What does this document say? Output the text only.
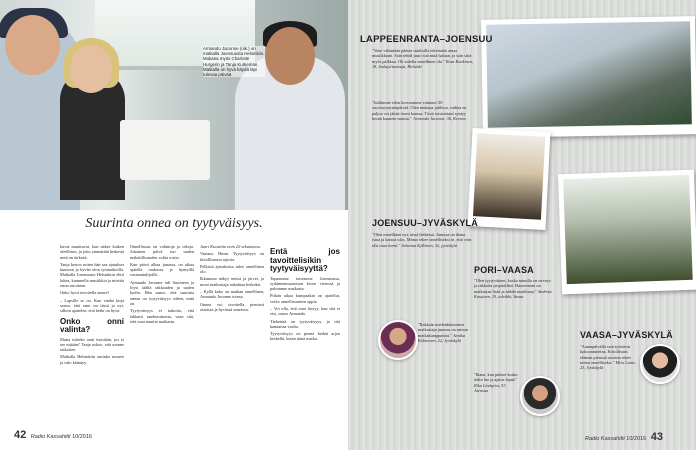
Armando Jaconne (oik.) on matkalla Joensuusta Helsinkiin. Mukana myös Charlotte Hurgerin ja Tanja Kurkeman. Matkalla on hyvä käydä läpi tulevaa päivää.
Suurinta onnea on tyytyväisyys.

kuvat muuttuvat, kun näkee kaiken oleellisen, ja joku ymmärtää hetkestä mitä on tärkeää.

Tanja kertoo miten hän saa ajatukset kuntoon ja hyvän olon työmatkoilla. Matkalla Joensuusta Helsinkiin ehtii lukea, kuunnella musiikkia ja miettiä omia asioitaan.

Onko hyvä tavoitella onnea?

– Lapsille se on. Kun vanha kirja sanoo, että onni on tässä ja nyt, silloin ajattelen, että hetki on hyvä.

Onko onni valinta?

Mutta tuleeko onni itsestään, jos ei tee mitään? Tanja uskoo, että asenne ratkaisee.

Matkalla Helsinkiin aurinko nousee ja valo kääntyy.

Onnellisuus on valintoja ja tekoja. Jokainen päivä tuo uuden mahdollisuuden valita toisin.

Kun päivä alkaa junassa, on aikaa ajatella rauhassa ja hymyillä vastaantulijoille.

Armando Jaconne tuli Suomeen ja löysi täältä rakkauden ja uuden kodin. Hän sanoo, että suurinta onnea on tyytyväisyys siihen, mitä on.

Tyytyväisyys ei tarkoita, että lakkaisi unelmoimasta, vaan sitä, että osaa nauttia matkasta.

Juuri Kuvattiin noin 20 sekunnissa.

Vastaus. Hmm. Tyytyväisyys on kiitollisuutta arjesta.

Pelkistä ajatuksista tulee onnellinen olo.

Ikkunasta näkyy metsä ja järvet, ja moni matkustaja nukahtaa hetkeksi.

– Kyllä koko on matkan onnellinen, Armando Jaconne toteaa.

Onnea voi tavoitella pienissä asioissa ja hyvässä seurassa.

Entä jos tavoittelisikin tyytyväisyyttä?

Tapaamme toisemme Joensuussa, sydämenmuotoisen kiven vieressä ja puhumme matkasta.

Pitkän aikaa kumpaakin on ajatellut, voiko onnellisuuteen oppia.

– Voi olla, että onni löytyy, kun sitä ei etsi, sanoo Armando.

Tärkeintä on tyytyväisyys, ja sitä kannattaa vaalia.

Tyytyväisyys on pieniä hetkiä arjen keskellä, kuten tämä matka.

42 Radio Kassahitti 10/2016
LAPPEENRANTA–JOENSUU
"Vene vähintään pääsin studioilla tekemään omaa musiikkiani. Sain tehdä juuri sitä mitä haluan, ja sain siitä myös palkkaa. Oli todella onnellinen olo." Rosa Kuokinen, 18, laulaja/tuottaja, Helsinki
"Juhlimme eilen korvaamme vaimoni 35-vuotissyntymäpäivää. Olen mukana juhlissa, vaikka en paljoa voi jättää itseni kanssa. Tästä toistoistani syntyy kesän kaunein muisto." Armando Jaconne, 36, Kerava
JOENSUU–JYVÄSKYLÄ
"Olen onnellinen nyt, tässä hetkessä. Junassa on ihana istua ja katsoa ulos. Minua tekee onnelliseksi se, että voin olla oma itseni." Johanna Kyllönen, 32, jyväskylä
PORI–VAASA
"Olen tyytyväinen, koska minulla on terveys ja rakkaita ympärilläni. Haaveenani on matkustaa lisää ja nähdä maailmaa." Andreas Kassinen, 19, talvikki, Vaasa
VAASA–JYVÄSKYLÄ
"Aamupäivällä sain työnteon kokoontuneina. Kiitollisuus elämän pienistä asioista tekee minut onnelliseksi." Mira Laine, 23, Jyväskylä
"Rakkain mielenkiintoinen matkustaja junassa on minun matkakumppanini." Annika Kolmonen, 22, Jyväskylä
"Ihana, kun pääsee kotiin äidin luo ja ajatus lepää." Riku Lindqvist, 57, Joensuu
Radio Kassahitti 10/2016 43
